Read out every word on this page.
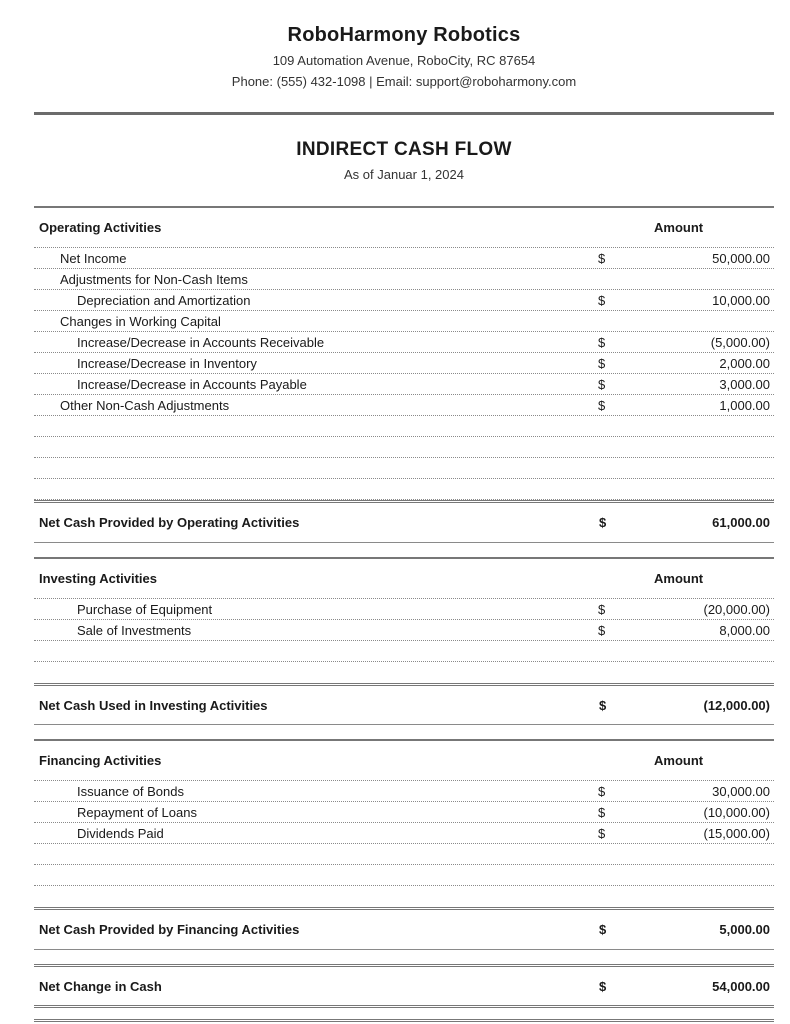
RoboHarmony Robotics
109 Automation Avenue, RoboCity, RC 87654
Phone: (555) 432-1098 | Email: support@roboharmony.com
INDIRECT CASH FLOW
As of Januar 1, 2024
Operating Activities	Amount
Net Income	$	50,000.00
Adjustments for Non-Cash Items
Depreciation and Amortization	$	10,000.00
Changes in Working Capital
Increase/Decrease in Accounts Receivable	$	(5,000.00)
Increase/Decrease in Inventory	$	2,000.00
Increase/Decrease in Accounts Payable	$	3,000.00
Other Non-Cash Adjustments	$	1,000.00
Net Cash Provided by Operating Activities	$	61,000.00
Investing Activities	Amount
Purchase of Equipment	$	(20,000.00)
Sale of Investments	$	8,000.00
Net Cash Used in Investing Activities	$	(12,000.00)
Financing Activities	Amount
Issuance of Bonds	$	30,000.00
Repayment of Loans	$	(10,000.00)
Dividends Paid	$	(15,000.00)
Net Cash Provided by Financing Activities	$	5,000.00
Net Change in Cash	$	54,000.00
